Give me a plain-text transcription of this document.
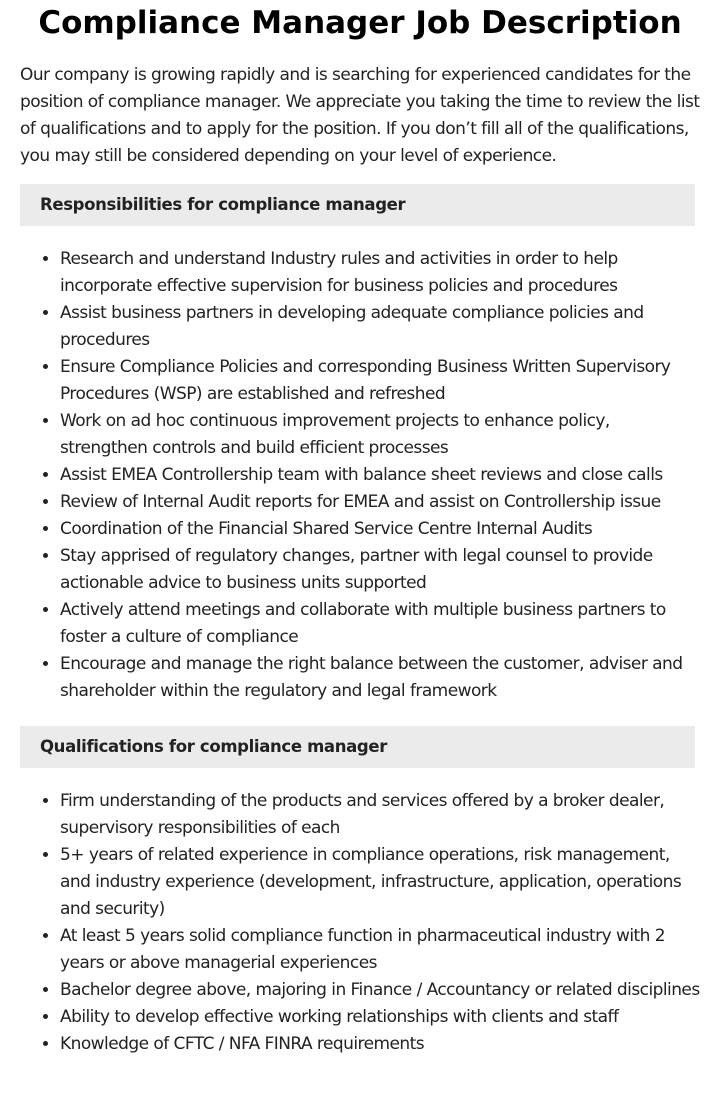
Compliance Manager Job Description

Our company is growing rapidly and is searching for experienced candidates for the position of compliance manager. We appreciate you taking the time to review the list of qualifications and to apply for the position. If you don’t fill all of the qualifications, you may still be considered depending on your level of experience.

Responsibilities for compliance manager
• Research and understand Industry rules and activities in order to help incorporate effective supervision for business policies and procedures
• Assist business partners in developing adequate compliance policies and procedures
• Ensure Compliance Policies and corresponding Business Written Supervisory Procedures (WSP) are established and refreshed
• Work on ad hoc continuous improvement projects to enhance policy, strengthen controls and build efficient processes
• Assist EMEA Controllership team with balance sheet reviews and close calls
• Review of Internal Audit reports for EMEA and assist on Controllership issue
• Coordination of the Financial Shared Service Centre Internal Audits
• Stay apprised of regulatory changes, partner with legal counsel to provide actionable advice to business units supported
• Actively attend meetings and collaborate with multiple business partners to foster a culture of compliance
• Encourage and manage the right balance between the customer, adviser and shareholder within the regulatory and legal framework
Qualifications for compliance manager
• Firm understanding of the products and services offered by a broker dealer, supervisory responsibilities of each
• 5+ years of related experience in compliance operations, risk management, and industry experience (development, infrastructure, application, operations and security)
• At least 5 years solid compliance function in pharmaceutical industry with 2 years or above managerial experiences
• Bachelor degree above, majoring in Finance / Accountancy or related disciplines
• Ability to develop effective working relationships with clients and staff
• Knowledge of CFTC / NFA FINRA requirements
